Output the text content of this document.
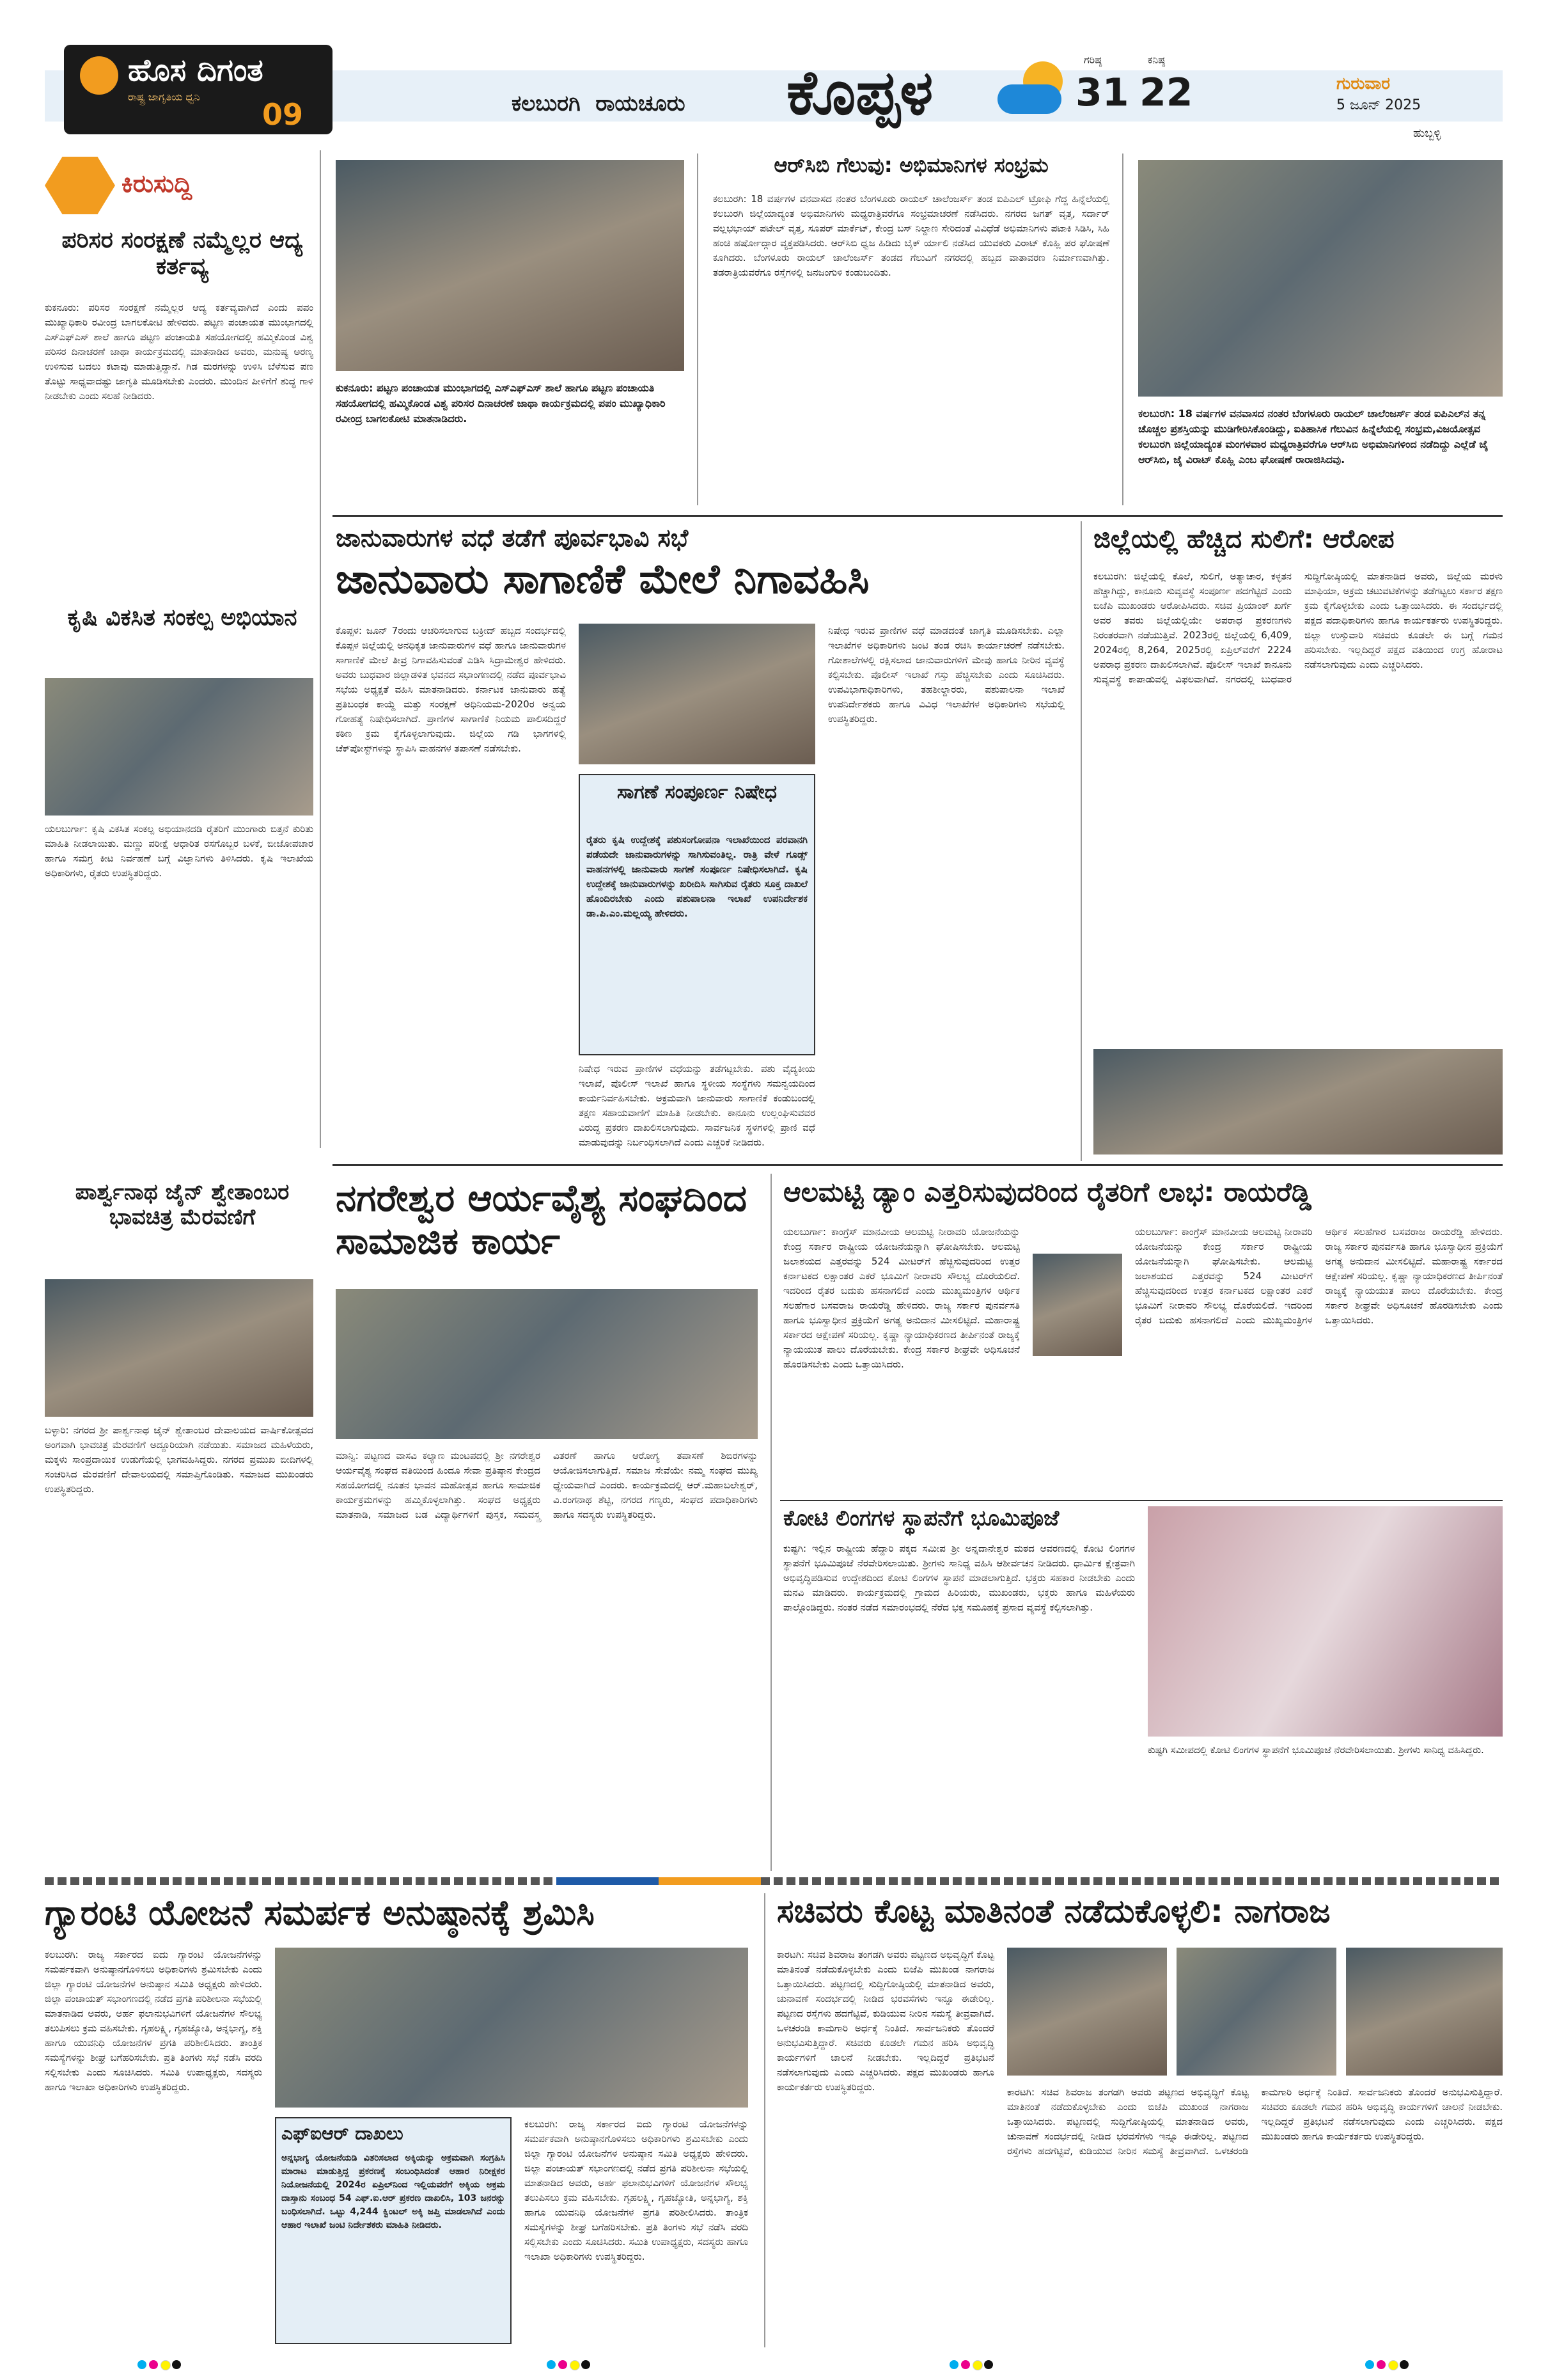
ಹೊಸ ದಿಗಂತ
ರಾಷ್ಟ್ರ ಜಾಗೃತಿಯ ಧ್ವನಿ
09	ಕಲಬುರಗಿ  ರಾಯಚೂರು	ಕೊಪ್ಪಳ	ಗರಿಷ್ಠ
31
ಕನಿಷ್ಠ
22	ಗುರುವಾರ
5 ಜೂನ್ 2025
ಹುಬ್ಬಳ್ಳಿ
ಕಿರುಸುದ್ದಿ
ಪರಿಸರ ಸಂರಕ್ಷಣೆ ನಮ್ಮೆಲ್ಲರ ಆದ್ಯ ಕರ್ತವ್ಯ
ಕುಕನೂರು: ಪರಿಸರ ಸಂರಕ್ಷಣೆ ನಮ್ಮೆಲ್ಲರ ಆದ್ಯ ಕರ್ತವ್ಯವಾಗಿದೆ ಎಂದು ಪಪಂ ಮುಖ್ಯಾಧಿಕಾರಿ ರವೀಂದ್ರ ಬಾಗಲಕೋಟಿ ಹೇಳಿದರು. ಪಟ್ಟಣ ಪಂಚಾಯತ ಮುಂಭಾಗದಲ್ಲಿ ಎಸ್‌ಎಫ್‌ಎಸ್ ಶಾಲೆ ಹಾಗೂ ಪಟ್ಟಣ ಪಂಚಾಯತಿ ಸಹಯೋಗದಲ್ಲಿ ಹಮ್ಮಿಕೊಂಡ ವಿಶ್ವ ಪರಿಸರ ದಿನಾಚರಣೆ ಜಾಥಾ ಕಾರ್ಯಕ್ರಮದಲ್ಲಿ ಮಾತನಾಡಿದ ಅವರು, ಮನುಷ್ಯ ಅರಣ್ಯ ಉಳಿಸುವ ಬದಲು ಕಟಾವು ಮಾಡುತ್ತಿದ್ದಾನೆ. ಗಿಡ ಮರಗಳನ್ನು ಉಳಿಸಿ ಬೆಳೆಸುವ ಪಣ ತೊಟ್ಟು ಸಾಧ್ಯವಾದಷ್ಟು ಜಾಗೃತಿ ಮೂಡಿಸಬೇಕು ಎಂದರು. ಮುಂದಿನ ಪೀಳಿಗೆಗೆ ಶುದ್ಧ ಗಾಳಿ ನೀಡಬೇಕು ಎಂದು ಸಲಹೆ ನೀಡಿದರು.
ಕೃಷಿ ವಿಕಸಿತ ಸಂಕಲ್ಪ ಅಭಿಯಾನ
ಯಲಬುರ್ಗಾ: ಕೃಷಿ ವಿಕಸಿತ ಸಂಕಲ್ಪ ಅಭಿಯಾನದಡಿ ರೈತರಿಗೆ ಮುಂಗಾರು ಬಿತ್ತನೆ ಕುರಿತು ಮಾಹಿತಿ ನೀಡಲಾಯಿತು. ಮಣ್ಣು ಪರೀಕ್ಷೆ ಆಧಾರಿತ ರಸಗೊಬ್ಬರ ಬಳಕೆ, ಬೀಜೋಪಚಾರ ಹಾಗೂ ಸಮಗ್ರ ಕೀಟ ನಿರ್ವಹಣೆ ಬಗ್ಗೆ ವಿಜ್ಞಾನಿಗಳು ತಿಳಿಸಿದರು. ಕೃಷಿ ಇಲಾಖೆಯ ಅಧಿಕಾರಿಗಳು, ರೈತರು ಉಪಸ್ಥಿತರಿದ್ದರು.
ಪಾರ್ಶ್ವನಾಥ ಜೈನ್ ಶ್ವೇತಾಂಬರ ಭಾವಚಿತ್ರ ಮೆರವಣಿಗೆ
ಬಳ್ಳಾರಿ: ನಗರದ ಶ್ರೀ ಪಾರ್ಶ್ವನಾಥ ಜೈನ್ ಶ್ವೇತಾಂಬರ ದೇವಾಲಯದ ವಾರ್ಷಿಕೋತ್ಸವದ ಅಂಗವಾಗಿ ಭಾವಚಿತ್ರ ಮೆರವಣಿಗೆ ಅದ್ದೂರಿಯಾಗಿ ನಡೆಯಿತು. ಸಮಾಜದ ಮಹಿಳೆಯರು, ಮಕ್ಕಳು ಸಾಂಪ್ರದಾಯಿಕ ಉಡುಗೆಯಲ್ಲಿ ಭಾಗವಹಿಸಿದ್ದರು. ನಗರದ ಪ್ರಮುಖ ಬೀದಿಗಳಲ್ಲಿ ಸಂಚರಿಸಿದ ಮೆರವಣಿಗೆ ದೇವಾಲಯದಲ್ಲಿ ಸಮಾಪ್ತಿಗೊಂಡಿತು. ಸಮಾಜದ ಮುಖಂಡರು ಉಪಸ್ಥಿತರಿದ್ದರು.
ಕುಕನೂರು: ಪಟ್ಟಣ ಪಂಚಾಯತ ಮುಂಭಾಗದಲ್ಲಿ ಎಸ್‌ಎಫ್‌ಎಸ್ ಶಾಲೆ ಹಾಗೂ ಪಟ್ಟಣ ಪಂಚಾಯತಿ ಸಹಯೋಗದಲ್ಲಿ ಹಮ್ಮಿಕೊಂಡ ವಿಶ್ವ ಪರಿಸರ ದಿನಾಚರಣೆ ಜಾಥಾ ಕಾರ್ಯಕ್ರಮದಲ್ಲಿ ಪಪಂ ಮುಖ್ಯಾಧಿಕಾರಿ ರವೀಂದ್ರ ಬಾಗಲಕೋಟಿ ಮಾತನಾಡಿದರು.
ಆರ್‌ಸಿಬಿ ಗೆಲುವು: ಅಭಿಮಾನಿಗಳ ಸಂಭ್ರಮ
ಕಲಬುರಗಿ: 18 ವರ್ಷಗಳ ವನವಾಸದ ನಂತರ ಬೆಂಗಳೂರು ರಾಯಲ್ ಚಾಲೆಂಜರ್ಸ್ ತಂಡ ಐಪಿಎಲ್ ಟ್ರೋಫಿ ಗೆದ್ದ ಹಿನ್ನೆಲೆಯಲ್ಲಿ ಕಲಬುರಗಿ ಜಿಲ್ಲೆಯಾದ್ಯಂತ ಅಭಿಮಾನಿಗಳು ಮಧ್ಯರಾತ್ರಿವರೆಗೂ ಸಂಭ್ರಮಾಚರಣೆ ನಡೆಸಿದರು. ನಗರದ ಜಗತ್ ವೃತ್ತ, ಸರ್ದಾರ್ ವಲ್ಲಭಭಾಯ್ ಪಟೇಲ್ ವೃತ್ತ, ಸೂಪರ್ ಮಾರ್ಕೆಟ್, ಕೇಂದ್ರ ಬಸ್ ನಿಲ್ದಾಣ ಸೇರಿದಂತೆ ವಿವಿಧೆಡೆ ಅಭಿಮಾನಿಗಳು ಪಟಾಕಿ ಸಿಡಿಸಿ, ಸಿಹಿ ಹಂಚಿ ಹರ್ಷೋದ್ಗಾರ ವ್ಯಕ್ತಪಡಿಸಿದರು. ಆರ್‌ಸಿಬಿ ಧ್ವಜ ಹಿಡಿದು ಬೈಕ್ ರ್ಯಾಲಿ ನಡೆಸಿದ ಯುವಕರು ವಿರಾಟ್ ಕೊಹ್ಲಿ ಪರ ಘೋಷಣೆ ಕೂಗಿದರು. ಬೆಂಗಳೂರು ರಾಯಲ್ ಚಾಲೆಂಜರ್ಸ್ ತಂಡದ ಗೆಲುವಿಗೆ ನಗರದಲ್ಲಿ ಹಬ್ಬದ ವಾತಾವರಣ ನಿರ್ಮಾಣವಾಗಿತ್ತು. ತಡರಾತ್ರಿಯವರೆಗೂ ರಸ್ತೆಗಳಲ್ಲಿ ಜನಜಂಗುಳಿ ಕಂಡುಬಂದಿತು.
ಕಲಬುರಗಿ: 18 ವರ್ಷಗಳ ವನವಾಸದ ನಂತರ ಬೆಂಗಳೂರು ರಾಯಲ್ ಚಾಲೆಂಜರ್ಸ್ ತಂಡ ಐಪಿಎಲ್‌ನ ತನ್ನ ಚೊಚ್ಚಲ ಪ್ರಶಸ್ತಿಯನ್ನು ಮುಡಿಗೇರಿಸಿಕೊಂಡಿದ್ದು, ಐತಿಹಾಸಿಕ ಗೆಲುವಿನ ಹಿನ್ನೆಲೆಯಲ್ಲಿ ಸಂಭ್ರಮ,ವಿಜಯೋತ್ಸವ ಕಲಬುರಗಿ ಜಿಲ್ಲೆಯಾದ್ಯಂತ ಮಂಗಳವಾರ ಮಧ್ಯರಾತ್ರಿವರೆಗೂ ಆರ್‌ಸಿಬಿ ಅಭಿಮಾನಿಗಳಿಂದ ನಡೆದಿದ್ದು ಎಲ್ಲೆಡೆ ಜೈ ಆರ್‌ಸಿಬಿ, ಜೈ ವಿರಾಟ್ ಕೊಹ್ಲಿ ಎಂಬ ಘೋಷಣೆ ರಾರಾಜಿಸಿದವು.
ಜಾನುವಾರುಗಳ ವಧೆ ತಡೆಗೆ ಪೂರ್ವಭಾವಿ ಸಭೆ
ಜಾನುವಾರು ಸಾಗಾಣಿಕೆ ಮೇಲೆ ನಿಗಾವಹಿಸಿ
ಕೊಪ್ಪಳ: ಜೂನ್ 7ರಂದು ಆಚರಿಸಲಾಗುವ ಬಕ್ರೀದ್ ಹಬ್ಬದ ಸಂದರ್ಭದಲ್ಲಿ ಕೊಪ್ಪಳ ಜಿಲ್ಲೆಯಲ್ಲಿ ಅನಧಿಕೃತ ಜಾನುವಾರುಗಳ ವಧೆ ಹಾಗೂ ಜಾನುವಾರುಗಳ ಸಾಗಾಣಿಕೆ ಮೇಲೆ ತೀವ್ರ ನಿಗಾವಹಿಸುವಂತೆ ಎಡಿಸಿ ಸಿದ್ರಾಮೇಶ್ವರ ಹೇಳಿದರು. ಅವರು ಬುಧವಾರ ಜಿಲ್ಲಾಡಳಿತ ಭವನದ ಸಭಾಂಗಣದಲ್ಲಿ ನಡೆದ ಪೂರ್ವಭಾವಿ ಸಭೆಯ ಅಧ್ಯಕ್ಷತೆ ವಹಿಸಿ ಮಾತನಾಡಿದರು. ಕರ್ನಾಟಕ ಜಾನುವಾರು ಹತ್ಯೆ ಪ್ರತಿಬಂಧಕ ಕಾಯ್ದೆ ಮತ್ತು ಸಂರಕ್ಷಣೆ ಅಧಿನಿಯಮ-2020ರ ಅನ್ವಯ ಗೋಹತ್ಯೆ ನಿಷೇಧಿಸಲಾಗಿದೆ. ಪ್ರಾಣಿಗಳ ಸಾಗಾಣಿಕೆ ನಿಯಮ ಪಾಲಿಸದಿದ್ದರೆ ಕಠಿಣ ಕ್ರಮ ಕೈಗೊಳ್ಳಲಾಗುವುದು. ಜಿಲ್ಲೆಯ ಗಡಿ ಭಾಗಗಳಲ್ಲಿ ಚೆಕ್‌ಪೋಸ್ಟ್‌ಗಳನ್ನು ಸ್ಥಾಪಿಸಿ ವಾಹನಗಳ ತಪಾಸಣೆ ನಡೆಸಬೇಕು.
ಸಾಗಣೆ ಸಂಪೂರ್ಣ ನಿಷೇಧ
ರೈತರು ಕೃಷಿ ಉದ್ದೇಶಕ್ಕೆ ಪಶುಸಂಗೋಪನಾ ಇಲಾಖೆಯಿಂದ ಪರವಾನಗಿ ಪಡೆಯದೇ ಜಾನುವಾರುಗಳನ್ನು ಸಾಗಿಸುವಂತಿಲ್ಲ. ರಾತ್ರಿ ವೇಳೆ ಗೂಡ್ಸ್ ವಾಹನಗಳಲ್ಲಿ ಜಾನುವಾರು ಸಾಗಣೆ ಸಂಪೂರ್ಣ ನಿಷೇಧಿಸಲಾಗಿದೆ. ಕೃಷಿ ಉದ್ದೇಶಕ್ಕೆ ಜಾನುವಾರುಗಳನ್ನು ಖರೀದಿಸಿ ಸಾಗಿಸುವ ರೈತರು ಸೂಕ್ತ ದಾಖಲೆ ಹೊಂದಿರಬೇಕು ಎಂದು ಪಶುಪಾಲನಾ ಇಲಾಖೆ ಉಪನಿರ್ದೇಶಕ ಡಾ.ಪಿ.ಎಂ.ಮಲ್ಲಯ್ಯ ಹೇಳಿದರು.
ನಿಷೇಧ ಇರುವ ಪ್ರಾಣಿಗಳ ವಧೆಯನ್ನು ತಡೆಗಟ್ಟಬೇಕು. ಪಶು ವೈದ್ಯಕೀಯ ಇಲಾಖೆ, ಪೊಲೀಸ್ ಇಲಾಖೆ ಹಾಗೂ ಸ್ಥಳೀಯ ಸಂಸ್ಥೆಗಳು ಸಮನ್ವಯದಿಂದ ಕಾರ್ಯನಿರ್ವಹಿಸಬೇಕು. ಅಕ್ರಮವಾಗಿ ಜಾನುವಾರು ಸಾಗಾಣಿಕೆ ಕಂಡುಬಂದಲ್ಲಿ ತಕ್ಷಣ ಸಹಾಯವಾಣಿಗೆ ಮಾಹಿತಿ ನೀಡಬೇಕು. ಕಾನೂನು ಉಲ್ಲಂಘಿಸುವವರ ವಿರುದ್ಧ ಪ್ರಕರಣ ದಾಖಲಿಸಲಾಗುವುದು. ಸಾರ್ವಜನಿಕ ಸ್ಥಳಗಳಲ್ಲಿ ಪ್ರಾಣಿ ವಧೆ ಮಾಡುವುದನ್ನು ನಿರ್ಬಂಧಿಸಲಾಗಿದೆ ಎಂದು ಎಚ್ಚರಿಕೆ ನೀಡಿದರು.
ನಿಷೇಧ ಇರುವ ಪ್ರಾಣಿಗಳ ವಧೆ ಮಾಡದಂತೆ ಜಾಗೃತಿ ಮೂಡಿಸಬೇಕು. ಎಲ್ಲಾ ಇಲಾಖೆಗಳ ಅಧಿಕಾರಿಗಳು ಜಂಟಿ ತಂಡ ರಚಿಸಿ ಕಾರ್ಯಾಚರಣೆ ನಡೆಸಬೇಕು. ಗೋಶಾಲೆಗಳಲ್ಲಿ ರಕ್ಷಿಸಲಾದ ಜಾನುವಾರುಗಳಿಗೆ ಮೇವು ಹಾಗೂ ನೀರಿನ ವ್ಯವಸ್ಥೆ ಕಲ್ಪಿಸಬೇಕು. ಪೊಲೀಸ್ ಇಲಾಖೆ ಗಸ್ತು ಹೆಚ್ಚಿಸಬೇಕು ಎಂದು ಸೂಚಿಸಿದರು. ಉಪವಿಭಾಗಾಧಿಕಾರಿಗಳು, ತಹಶೀಲ್ದಾರರು, ಪಶುಪಾಲನಾ ಇಲಾಖೆ ಉಪನಿರ್ದೇಶಕರು ಹಾಗೂ ವಿವಿಧ ಇಲಾಖೆಗಳ ಅಧಿಕಾರಿಗಳು ಸಭೆಯಲ್ಲಿ ಉಪಸ್ಥಿತರಿದ್ದರು.
ಜಿಲ್ಲೆಯಲ್ಲಿ ಹೆಚ್ಚಿದ ಸುಲಿಗೆ: ಆರೋಪ
ಕಲಬುರಗಿ: ಜಿಲ್ಲೆಯಲ್ಲಿ ಕೊಲೆ, ಸುಲಿಗೆ, ಅತ್ಯಾಚಾರ, ಕಳ್ಳತನ ಹೆಚ್ಚಾಗಿದ್ದು, ಕಾನೂನು ಸುವ್ಯವಸ್ಥೆ ಸಂಪೂರ್ಣ ಹದಗೆಟ್ಟಿದೆ ಎಂದು ಬಿಜೆಪಿ ಮುಖಂಡರು ಆರೋಪಿಸಿದರು. ಸಚಿವ ಪ್ರಿಯಾಂಕ್ ಖರ್ಗೆ ಅವರ ತವರು ಜಿಲ್ಲೆಯಲ್ಲಿಯೇ ಅಪರಾಧ ಪ್ರಕರಣಗಳು ನಿರಂತರವಾಗಿ ನಡೆಯುತ್ತಿವೆ. 2023ರಲ್ಲಿ ಜಿಲ್ಲೆಯಲ್ಲಿ 6,409, 2024ರಲ್ಲಿ 8,264, 2025ರಲ್ಲಿ ಏಪ್ರಿಲ್‌ವರೆಗೆ 2224 ಅಪರಾಧ ಪ್ರಕರಣ ದಾಖಲಿಸಲಾಗಿವೆ. ಪೊಲೀಸ್ ಇಲಾಖೆ ಕಾನೂನು ಸುವ್ಯವಸ್ಥೆ ಕಾಪಾಡುವಲ್ಲಿ ವಿಫಲವಾಗಿದೆ. ನಗರದಲ್ಲಿ ಬುಧವಾರ ಸುದ್ದಿಗೋಷ್ಠಿಯಲ್ಲಿ ಮಾತನಾಡಿದ ಅವರು, ಜಿಲ್ಲೆಯ ಮರಳು ಮಾಫಿಯಾ, ಅಕ್ರಮ ಚಟುವಟಿಕೆಗಳನ್ನು ತಡೆಗಟ್ಟಲು ಸರ್ಕಾರ ತಕ್ಷಣ ಕ್ರಮ ಕೈಗೊಳ್ಳಬೇಕು ಎಂದು ಒತ್ತಾಯಿಸಿದರು. ಈ ಸಂದರ್ಭದಲ್ಲಿ ಪಕ್ಷದ ಪದಾಧಿಕಾರಿಗಳು ಹಾಗೂ ಕಾರ್ಯಕರ್ತರು ಉಪಸ್ಥಿತರಿದ್ದರು. ಜಿಲ್ಲಾ ಉಸ್ತುವಾರಿ ಸಚಿವರು ಕೂಡಲೇ ಈ ಬಗ್ಗೆ ಗಮನ ಹರಿಸಬೇಕು. ಇಲ್ಲದಿದ್ದರೆ ಪಕ್ಷದ ವತಿಯಿಂದ ಉಗ್ರ ಹೋರಾಟ ನಡೆಸಲಾಗುವುದು ಎಂದು ಎಚ್ಚರಿಸಿದರು.
ನಗರೇಶ್ವರ ಆರ್ಯವೈಶ್ಯ ಸಂಘದಿಂದ ಸಾಮಾಜಿಕ ಕಾರ್ಯ
ಮಾನ್ವಿ: ಪಟ್ಟಣದ ವಾಸವಿ ಕಲ್ಯಾಣ ಮಂಟಪದಲ್ಲಿ ಶ್ರೀ ನಗರೇಶ್ವರ ಆರ್ಯವೈಶ್ಯ ಸಂಘದ ವತಿಯಿಂದ ಹಿಂದೂ ಸೇವಾ ಪ್ರತಿಷ್ಠಾನ ಕೇಂದ್ರದ ಸಹಯೋಗದಲ್ಲಿ ನೂತನ ಭಾವನ ಮಹೋತ್ಸವ ಹಾಗೂ ಸಾಮಾಜಿಕ ಕಾರ್ಯಕ್ರಮಗಳನ್ನು ಹಮ್ಮಿಕೊಳ್ಳಲಾಗಿತ್ತು. ಸಂಘದ ಅಧ್ಯಕ್ಷರು ಮಾತನಾಡಿ, ಸಮಾಜದ ಬಡ ವಿದ್ಯಾರ್ಥಿಗಳಿಗೆ ಪುಸ್ತಕ, ಸಮವಸ್ತ್ರ ವಿತರಣೆ ಹಾಗೂ ಆರೋಗ್ಯ ತಪಾಸಣೆ ಶಿಬಿರಗಳನ್ನು ಆಯೋಜಿಸಲಾಗುತ್ತಿದೆ. ಸಮಾಜ ಸೇವೆಯೇ ನಮ್ಮ ಸಂಘದ ಮುಖ್ಯ ಧ್ಯೇಯವಾಗಿದೆ ಎಂದರು. ಕಾರ್ಯಕ್ರಮದಲ್ಲಿ ಆರ್.ಮಹಾಬಲೇಶ್ವರ್, ವಿ.ರಂಗನಾಥ ಶೆಟ್ಟಿ, ನಗರದ ಗಣ್ಯರು, ಸಂಘದ ಪದಾಧಿಕಾರಿಗಳು ಹಾಗೂ ಸದಸ್ಯರು ಉಪಸ್ಥಿತರಿದ್ದರು.
ಆಲಮಟ್ಟಿ ಡ್ಯಾಂ ಎತ್ತರಿಸುವುದರಿಂದ ರೈತರಿಗೆ ಲಾಭ: ರಾಯರೆಡ್ಡಿ
ಯಲಬುರ್ಗಾ: ಕಾಂಗ್ರೆಸ್ ಮಾನವೀಯ ಆಲಮಟ್ಟಿ ನೀರಾವರಿ ಯೋಜನೆಯನ್ನು ಕೇಂದ್ರ ಸರ್ಕಾರ ರಾಷ್ಟ್ರೀಯ ಯೋಜನೆಯನ್ನಾಗಿ ಘೋಷಿಸಬೇಕು. ಆಲಮಟ್ಟಿ ಜಲಾಶಯದ ಎತ್ತರವನ್ನು 524 ಮೀಟರ್‌ಗೆ ಹೆಚ್ಚಿಸುವುದರಿಂದ ಉತ್ತರ ಕರ್ನಾಟಕದ ಲಕ್ಷಾಂತರ ಎಕರೆ ಭೂಮಿಗೆ ನೀರಾವರಿ ಸೌಲಭ್ಯ ದೊರೆಯಲಿದೆ. ಇದರಿಂದ ರೈತರ ಬದುಕು ಹಸನಾಗಲಿದೆ ಎಂದು ಮುಖ್ಯಮಂತ್ರಿಗಳ ಆರ್ಥಿಕ ಸಲಹೆಗಾರ ಬಸವರಾಜ ರಾಯರೆಡ್ಡಿ ಹೇಳಿದರು. ರಾಜ್ಯ ಸರ್ಕಾರ ಪುನರ್ವಸತಿ ಹಾಗೂ ಭೂಸ್ವಾಧೀನ ಪ್ರಕ್ರಿಯೆಗೆ ಅಗತ್ಯ ಅನುದಾನ ಮೀಸಲಿಟ್ಟಿದೆ. ಮಹಾರಾಷ್ಟ್ರ ಸರ್ಕಾರದ ಆಕ್ಷೇಪಣೆ ಸರಿಯಲ್ಲ. ಕೃಷ್ಣಾ ನ್ಯಾಯಾಧಿಕರಣದ ತೀರ್ಪಿನಂತೆ ರಾಜ್ಯಕ್ಕೆ ನ್ಯಾಯಯುತ ಪಾಲು ದೊರೆಯಬೇಕು. ಕೇಂದ್ರ ಸರ್ಕಾರ ಶೀಘ್ರವೇ ಅಧಿಸೂಚನೆ ಹೊರಡಿಸಬೇಕು ಎಂದು ಒತ್ತಾಯಿಸಿದರು.
ಯಲಬುರ್ಗಾ: ಕಾಂಗ್ರೆಸ್ ಮಾನವೀಯ ಆಲಮಟ್ಟಿ ನೀರಾವರಿ ಯೋಜನೆಯನ್ನು ಕೇಂದ್ರ ಸರ್ಕಾರ ರಾಷ್ಟ್ರೀಯ ಯೋಜನೆಯನ್ನಾಗಿ ಘೋಷಿಸಬೇಕು. ಆಲಮಟ್ಟಿ ಜಲಾಶಯದ ಎತ್ತರವನ್ನು 524 ಮೀಟರ್‌ಗೆ ಹೆಚ್ಚಿಸುವುದರಿಂದ ಉತ್ತರ ಕರ್ನಾಟಕದ ಲಕ್ಷಾಂತರ ಎಕರೆ ಭೂಮಿಗೆ ನೀರಾವರಿ ಸೌಲಭ್ಯ ದೊರೆಯಲಿದೆ. ಇದರಿಂದ ರೈತರ ಬದುಕು ಹಸನಾಗಲಿದೆ ಎಂದು ಮುಖ್ಯಮಂತ್ರಿಗಳ ಆರ್ಥಿಕ ಸಲಹೆಗಾರ ಬಸವರಾಜ ರಾಯರೆಡ್ಡಿ ಹೇಳಿದರು. ರಾಜ್ಯ ಸರ್ಕಾರ ಪುನರ್ವಸತಿ ಹಾಗೂ ಭೂಸ್ವಾಧೀನ ಪ್ರಕ್ರಿಯೆಗೆ ಅಗತ್ಯ ಅನುದಾನ ಮೀಸಲಿಟ್ಟಿದೆ. ಮಹಾರಾಷ್ಟ್ರ ಸರ್ಕಾರದ ಆಕ್ಷೇಪಣೆ ಸರಿಯಲ್ಲ. ಕೃಷ್ಣಾ ನ್ಯಾಯಾಧಿಕರಣದ ತೀರ್ಪಿನಂತೆ ರಾಜ್ಯಕ್ಕೆ ನ್ಯಾಯಯುತ ಪಾಲು ದೊರೆಯಬೇಕು. ಕೇಂದ್ರ ಸರ್ಕಾರ ಶೀಘ್ರವೇ ಅಧಿಸೂಚನೆ ಹೊರಡಿಸಬೇಕು ಎಂದು ಒತ್ತಾಯಿಸಿದರು.
ಕೋಟಿ ಲಿಂಗಗಳ ಸ್ಥಾಪನೆಗೆ ಭೂಮಿಪೂಜೆ
ಕುಷ್ಟಗಿ: ಇಲ್ಲಿನ ರಾಷ್ಟ್ರೀಯ ಹೆದ್ದಾರಿ ಪಕ್ಕದ ಸಮೀಪ ಶ್ರೀ ಅನ್ನದಾನೇಶ್ವರ ಮಠದ ಆವರಣದಲ್ಲಿ ಕೋಟಿ ಲಿಂಗಗಳ ಸ್ಥಾಪನೆಗೆ ಭೂಮಿಪೂಜೆ ನೆರವೇರಿಸಲಾಯಿತು. ಶ್ರೀಗಳು ಸಾನಿಧ್ಯ ವಹಿಸಿ ಆಶೀರ್ವಚನ ನೀಡಿದರು. ಧಾರ್ಮಿಕ ಕ್ಷೇತ್ರವಾಗಿ ಅಭಿವೃದ್ಧಿಪಡಿಸುವ ಉದ್ದೇಶದಿಂದ ಕೋಟಿ ಲಿಂಗಗಳ ಸ್ಥಾಪನೆ ಮಾಡಲಾಗುತ್ತಿದೆ. ಭಕ್ತರು ಸಹಕಾರ ನೀಡಬೇಕು ಎಂದು ಮನವಿ ಮಾಡಿದರು. ಕಾರ್ಯಕ್ರಮದಲ್ಲಿ ಗ್ರಾಮದ ಹಿರಿಯರು, ಮುಖಂಡರು, ಭಕ್ತರು ಹಾಗೂ ಮಹಿಳೆಯರು ಪಾಲ್ಗೊಂಡಿದ್ದರು. ನಂತರ ನಡೆದ ಸಮಾರಂಭದಲ್ಲಿ ನೆರೆದ ಭಕ್ತ ಸಮೂಹಕ್ಕೆ ಪ್ರಸಾದ ವ್ಯವಸ್ಥೆ ಕಲ್ಪಿಸಲಾಗಿತ್ತು.
ಕುಷ್ಟಗಿ ಸಮೀಪದಲ್ಲಿ ಕೋಟಿ ಲಿಂಗಗಳ ಸ್ಥಾಪನೆಗೆ ಭೂಮಿಪೂಜೆ ನೆರವೇರಿಸಲಾಯಿತು. ಶ್ರೀಗಳು ಸಾನಿಧ್ಯ ವಹಿಸಿದ್ದರು.
ಗ್ಯಾರಂಟಿ ಯೋಜನೆ ಸಮರ್ಪಕ ಅನುಷ್ಠಾನಕ್ಕೆ ಶ್ರಮಿಸಿ
ಕಲಬುರಗಿ: ರಾಜ್ಯ ಸರ್ಕಾರದ ಐದು ಗ್ಯಾರಂಟಿ ಯೋಜನೆಗಳನ್ನು ಸಮರ್ಪಕವಾಗಿ ಅನುಷ್ಠಾನಗೊಳಿಸಲು ಅಧಿಕಾರಿಗಳು ಶ್ರಮಿಸಬೇಕು ಎಂದು ಜಿಲ್ಲಾ ಗ್ಯಾರಂಟಿ ಯೋಜನೆಗಳ ಅನುಷ್ಠಾನ ಸಮಿತಿ ಅಧ್ಯಕ್ಷರು ಹೇಳಿದರು. ಜಿಲ್ಲಾ ಪಂಚಾಯತ್ ಸಭಾಂಗಣದಲ್ಲಿ ನಡೆದ ಪ್ರಗತಿ ಪರಿಶೀಲನಾ ಸಭೆಯಲ್ಲಿ ಮಾತನಾಡಿದ ಅವರು, ಅರ್ಹ ಫಲಾನುಭವಿಗಳಿಗೆ ಯೋಜನೆಗಳ ಸೌಲಭ್ಯ ತಲುಪಿಸಲು ಕ್ರಮ ವಹಿಸಬೇಕು. ಗೃಹಲಕ್ಷ್ಮಿ, ಗೃಹಜ್ಯೋತಿ, ಅನ್ನಭಾಗ್ಯ, ಶಕ್ತಿ ಹಾಗೂ ಯುವನಿಧಿ ಯೋಜನೆಗಳ ಪ್ರಗತಿ ಪರಿಶೀಲಿಸಿದರು. ತಾಂತ್ರಿಕ ಸಮಸ್ಯೆಗಳನ್ನು ಶೀಘ್ರ ಬಗೆಹರಿಸಬೇಕು. ಪ್ರತಿ ತಿಂಗಳು ಸಭೆ ನಡೆಸಿ ವರದಿ ಸಲ್ಲಿಸಬೇಕು ಎಂದು ಸೂಚಿಸಿದರು. ಸಮಿತಿ ಉಪಾಧ್ಯಕ್ಷರು, ಸದಸ್ಯರು ಹಾಗೂ ಇಲಾಖಾ ಅಧಿಕಾರಿಗಳು ಉಪಸ್ಥಿತರಿದ್ದರು.
ಎಫ್‌ಐಆರ್ ದಾಖಲು
ಅನ್ನಭಾಗ್ಯ ಯೋಜನೆಯಡಿ ವಿತರಿಸಲಾದ ಅಕ್ಕಿಯನ್ನು ಅಕ್ರಮವಾಗಿ ಸಂಗ್ರಹಿಸಿ ಮಾರಾಟ ಮಾಡುತ್ತಿದ್ದ ಪ್ರಕರಣಕ್ಕೆ ಸಂಬಂಧಿಸಿದಂತೆ ಆಹಾರ ನಿರೀಕ್ಷಕರ ನಿಯೋಜನೆಯಲ್ಲಿ 2024ರ ಏಪ್ರಿಲ್‌ನಿಂದ ಇಲ್ಲಿಯವರೆಗೆ ಅಕ್ಕಿಯ ಅಕ್ರಮ ದಾಸ್ತಾನು ಸಂಬಂಧ 54 ಎಫ್.ಐ.ಆರ್ ಪ್ರಕರಣ ದಾಖಲಿಸಿ, 103 ಜನರನ್ನು ಬಂಧಿಸಲಾಗಿದೆ. ಒಟ್ಟು 4,244 ಕ್ವಿಂಟಲ್ ಅಕ್ಕಿ ಜಪ್ತಿ ಮಾಡಲಾಗಿದೆ ಎಂದು ಆಹಾರ ಇಲಾಖೆ ಜಂಟಿ ನಿರ್ದೇಶಕರು ಮಾಹಿತಿ ನೀಡಿದರು.
ಕಲಬುರಗಿ: ರಾಜ್ಯ ಸರ್ಕಾರದ ಐದು ಗ್ಯಾರಂಟಿ ಯೋಜನೆಗಳನ್ನು ಸಮರ್ಪಕವಾಗಿ ಅನುಷ್ಠಾನಗೊಳಿಸಲು ಅಧಿಕಾರಿಗಳು ಶ್ರಮಿಸಬೇಕು ಎಂದು ಜಿಲ್ಲಾ ಗ್ಯಾರಂಟಿ ಯೋಜನೆಗಳ ಅನುಷ್ಠಾನ ಸಮಿತಿ ಅಧ್ಯಕ್ಷರು ಹೇಳಿದರು. ಜಿಲ್ಲಾ ಪಂಚಾಯತ್ ಸಭಾಂಗಣದಲ್ಲಿ ನಡೆದ ಪ್ರಗತಿ ಪರಿಶೀಲನಾ ಸಭೆಯಲ್ಲಿ ಮಾತನಾಡಿದ ಅವರು, ಅರ್ಹ ಫಲಾನುಭವಿಗಳಿಗೆ ಯೋಜನೆಗಳ ಸೌಲಭ್ಯ ತಲುಪಿಸಲು ಕ್ರಮ ವಹಿಸಬೇಕು. ಗೃಹಲಕ್ಷ್ಮಿ, ಗೃಹಜ್ಯೋತಿ, ಅನ್ನಭಾಗ್ಯ, ಶಕ್ತಿ ಹಾಗೂ ಯುವನಿಧಿ ಯೋಜನೆಗಳ ಪ್ರಗತಿ ಪರಿಶೀಲಿಸಿದರು. ತಾಂತ್ರಿಕ ಸಮಸ್ಯೆಗಳನ್ನು ಶೀಘ್ರ ಬಗೆಹರಿಸಬೇಕು. ಪ್ರತಿ ತಿಂಗಳು ಸಭೆ ನಡೆಸಿ ವರದಿ ಸಲ್ಲಿಸಬೇಕು ಎಂದು ಸೂಚಿಸಿದರು. ಸಮಿತಿ ಉಪಾಧ್ಯಕ್ಷರು, ಸದಸ್ಯರು ಹಾಗೂ ಇಲಾಖಾ ಅಧಿಕಾರಿಗಳು ಉಪಸ್ಥಿತರಿದ್ದರು.
ಸಚಿವರು ಕೊಟ್ಟ ಮಾತಿನಂತೆ ನಡೆದುಕೊಳ್ಳಲಿ: ನಾಗರಾಜ
ಕಾರಟಗಿ: ಸಚಿವ ಶಿವರಾಜ ತಂಗಡಗಿ ಅವರು ಪಟ್ಟಣದ ಅಭಿವೃದ್ಧಿಗೆ ಕೊಟ್ಟ ಮಾತಿನಂತೆ ನಡೆದುಕೊಳ್ಳಬೇಕು ಎಂದು ಬಿಜೆಪಿ ಮುಖಂಡ ನಾಗರಾಜ ಒತ್ತಾಯಿಸಿದರು. ಪಟ್ಟಣದಲ್ಲಿ ಸುದ್ದಿಗೋಷ್ಠಿಯಲ್ಲಿ ಮಾತನಾಡಿದ ಅವರು, ಚುನಾವಣೆ ಸಂದರ್ಭದಲ್ಲಿ ನೀಡಿದ ಭರವಸೆಗಳು ಇನ್ನೂ ಈಡೇರಿಲ್ಲ. ಪಟ್ಟಣದ ರಸ್ತೆಗಳು ಹದಗೆಟ್ಟಿವೆ, ಕುಡಿಯುವ ನೀರಿನ ಸಮಸ್ಯೆ ತೀವ್ರವಾಗಿದೆ. ಒಳಚರಂಡಿ ಕಾಮಗಾರಿ ಅರ್ಧಕ್ಕೆ ನಿಂತಿದೆ. ಸಾರ್ವಜನಿಕರು ತೊಂದರೆ ಅನುಭವಿಸುತ್ತಿದ್ದಾರೆ. ಸಚಿವರು ಕೂಡಲೇ ಗಮನ ಹರಿಸಿ ಅಭಿವೃದ್ಧಿ ಕಾರ್ಯಗಳಿಗೆ ಚಾಲನೆ ನೀಡಬೇಕು. ಇಲ್ಲದಿದ್ದರೆ ಪ್ರತಿಭಟನೆ ನಡೆಸಲಾಗುವುದು ಎಂದು ಎಚ್ಚರಿಸಿದರು. ಪಕ್ಷದ ಮುಖಂಡರು ಹಾಗೂ ಕಾರ್ಯಕರ್ತರು ಉಪಸ್ಥಿತರಿದ್ದರು.	ಕಾರಟಗಿ: ಸಚಿವ ಶಿವರಾಜ ತಂಗಡಗಿ ಅವರು ಪಟ್ಟಣದ ಅಭಿವೃದ್ಧಿಗೆ ಕೊಟ್ಟ ಮಾತಿನಂತೆ ನಡೆದುಕೊಳ್ಳಬೇಕು ಎಂದು ಬಿಜೆಪಿ ಮುಖಂಡ ನಾಗರಾಜ ಒತ್ತಾಯಿಸಿದರು. ಪಟ್ಟಣದಲ್ಲಿ ಸುದ್ದಿಗೋಷ್ಠಿಯಲ್ಲಿ ಮಾತನಾಡಿದ ಅವರು, ಚುನಾವಣೆ ಸಂದರ್ಭದಲ್ಲಿ ನೀಡಿದ ಭರವಸೆಗಳು ಇನ್ನೂ ಈಡೇರಿಲ್ಲ. ಪಟ್ಟಣದ ರಸ್ತೆಗಳು ಹದಗೆಟ್ಟಿವೆ, ಕುಡಿಯುವ ನೀರಿನ ಸಮಸ್ಯೆ ತೀವ್ರವಾಗಿದೆ. ಒಳಚರಂಡಿ ಕಾಮಗಾರಿ ಅರ್ಧಕ್ಕೆ ನಿಂತಿದೆ. ಸಾರ್ವಜನಿಕರು ತೊಂದರೆ ಅನುಭವಿಸುತ್ತಿದ್ದಾರೆ. ಸಚಿವರು ಕೂಡಲೇ ಗಮನ ಹರಿಸಿ ಅಭಿವೃದ್ಧಿ ಕಾರ್ಯಗಳಿಗೆ ಚಾಲನೆ ನೀಡಬೇಕು. ಇಲ್ಲದಿದ್ದರೆ ಪ್ರತಿಭಟನೆ ನಡೆಸಲಾಗುವುದು ಎಂದು ಎಚ್ಚರಿಸಿದರು. ಪಕ್ಷದ ಮುಖಂಡರು ಹಾಗೂ ಕಾರ್ಯಕರ್ತರು ಉಪಸ್ಥಿತರಿದ್ದರು.
